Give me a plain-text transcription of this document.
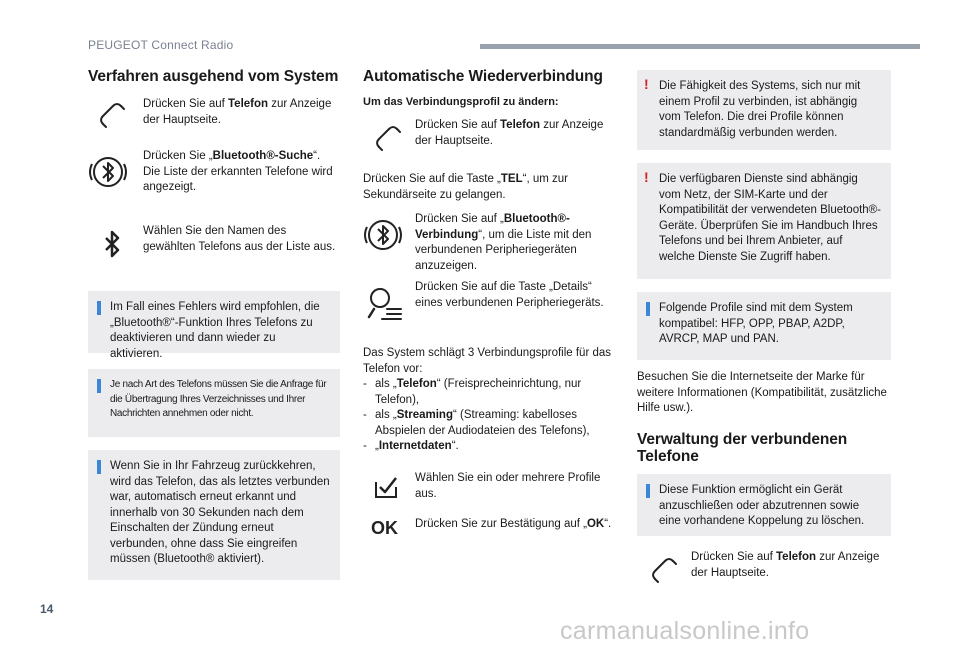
PEUGEOT Connect Radio
Verfahren ausgehend vom System
Drücken Sie auf Telefon zur Anzeige der Hauptseite.
Drücken Sie „Bluetooth®-Suche“. Die Liste der erkannten Telefone wird angezeigt.
Wählen Sie den Namen des gewählten Telefons aus der Liste aus.
Im Fall eines Fehlers wird empfohlen, die „Bluetooth®“-Funktion Ihres Telefons zu deaktivieren und dann wieder zu aktivieren.
Je nach Art des Telefons müssen Sie die Anfrage für die Übertragung Ihres Verzeichnisses und Ihrer Nachrichten annehmen oder nicht.
Wenn Sie in Ihr Fahrzeug zurückkehren, wird das Telefon, das als letztes verbunden war, automatisch erneut erkannt und innerhalb von 30 Sekunden nach dem Einschalten der Zündung erneut verbunden, ohne dass Sie eingreifen müssen (Bluetooth® aktiviert).
Automatische Wiederverbindung
Um das Verbindungsprofil zu ändern:
Drücken Sie auf Telefon zur Anzeige der Hauptseite.
Drücken Sie auf die Taste „TEL“, um zur Sekundärseite zu gelangen.
Drücken Sie auf „Bluetooth®-Verbindung“, um die Liste mit den verbundenen Peripheriegeräten anzuzeigen.
Drücken Sie auf die Taste „Details“ eines verbundenen Peripheriegeräts.
Das System schlägt 3 Verbindungsprofile für das Telefon vor:
- als „Telefon“ (Freisprecheinrichtung, nur Telefon),
- als „Streaming“ (Streaming: kabelloses Abspielen der Audiodateien des Telefons),
- „Internetdaten“.
Wählen Sie ein oder mehrere Profile aus.
OK Drücken Sie zur Bestätigung auf „OK“.
! Die Fähigkeit des Systems, sich nur mit einem Profil zu verbinden, ist abhängig vom Telefon. Die drei Profile können standardmäßig verbunden werden.
! Die verfügbaren Dienste sind abhängig vom Netz, der SIM-Karte und der Kompatibilität der verwendeten Bluetooth®-Geräte. Überprüfen Sie im Handbuch Ihres Telefons und bei Ihrem Anbieter, auf welche Dienste Sie Zugriff haben.
Folgende Profile sind mit dem System kompatibel: HFP, OPP, PBAP, A2DP, AVRCP, MAP und PAN.
Besuchen Sie die Internetseite der Marke für weitere Informationen (Kompatibilität, zusätzliche Hilfe usw.).
Verwaltung der verbundenen Telefone
Diese Funktion ermöglicht ein Gerät anzuschließen oder abzutrennen sowie eine vorhandene Koppelung zu löschen.
Drücken Sie auf Telefon zur Anzeige der Hauptseite.
14
carmanualsonline.info
